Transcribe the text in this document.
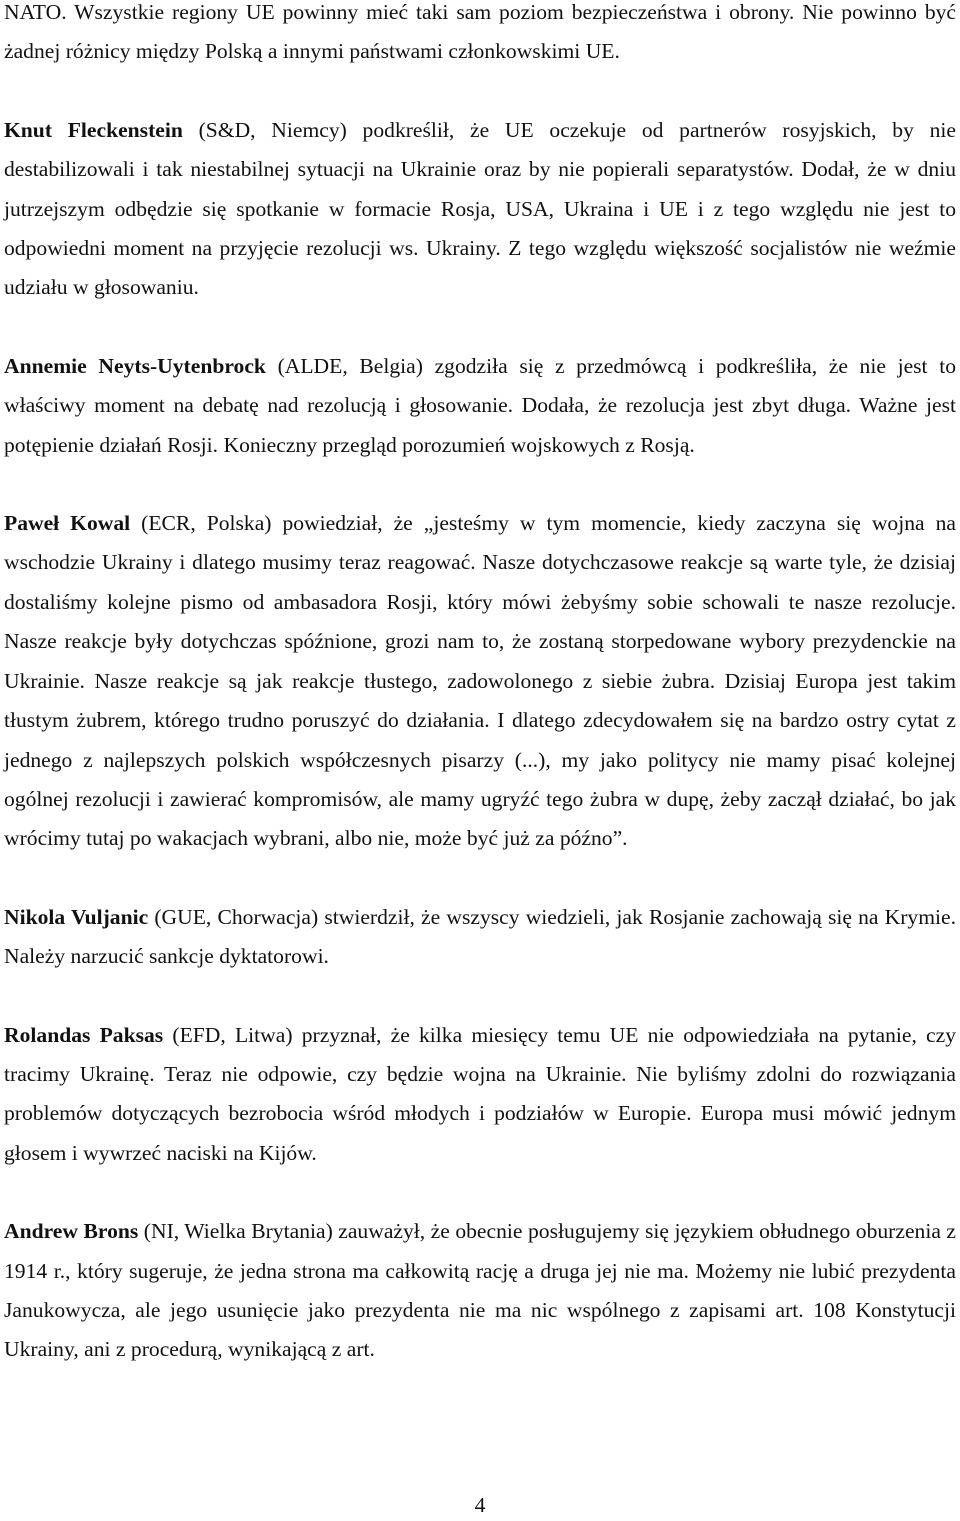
NATO. Wszystkie regiony UE powinny mieć taki sam poziom bezpieczeństwa i obrony. Nie powinno być żadnej różnicy między Polską a innymi państwami członkowskimi UE.

Knut Fleckenstein (S&D, Niemcy) podkreślił, że UE oczekuje od partnerów rosyjskich, by nie destabilizowali i tak niestabilnej sytuacji na Ukrainie oraz by nie popierali separatystów. Dodał, że w dniu jutrzejszym odbędzie się spotkanie w formacie Rosja, USA, Ukraina i UE i z tego względu nie jest to odpowiedni moment na przyjęcie rezolucji ws. Ukrainy. Z tego względu większość socjalistów nie weźmie udziału w głosowaniu.

Annemie Neyts-Uytenbrock (ALDE, Belgia) zgodziła się z przedmówcą i podkreśliła, że nie jest to właściwy moment na debatę nad rezolucją i głosowanie. Dodała, że rezolucja jest zbyt długa. Ważne jest potępienie działań Rosji. Konieczny przegląd porozumień wojskowych z Rosją.

Paweł Kowal (ECR, Polska) powiedział, że „jesteśmy w tym momencie, kiedy zaczyna się wojna na wschodzie Ukrainy i dlatego musimy teraz reagować. Nasze dotychczasowe reakcje są warte tyle, że dzisiaj dostaliśmy kolejne pismo od ambasadora Rosji, który mówi żebyśmy sobie schowali te nasze rezolucje. Nasze reakcje były dotychczas spóźnione, grozi nam to, że zostaną storpedowane wybory prezydenckie na Ukrainie. Nasze reakcje są jak reakcje tłustego, zadowolonego z siebie żubra. Dzisiaj Europa jest takim tłustym żubrem, którego trudno poruszyć do działania. I dlatego zdecydowałem się na bardzo ostry cytat z jednego z najlepszych polskich współczesnych pisarzy (...), my jako politycy nie mamy pisać kolejnej ogólnej rezolucji i zawierać kompromisów, ale mamy ugryźć tego żubra w dupę, żeby zaczął działać, bo jak wrócimy tutaj po wakacjach wybrani, albo nie, może być już za późno”.

Nikola Vuljanic (GUE, Chorwacja) stwierdził, że wszyscy wiedzieli, jak Rosjanie zachowają się na Krymie. Należy narzucić sankcje dyktatorowi.

Rolandas Paksas (EFD, Litwa) przyznał, że kilka miesięcy temu UE nie odpowiedziała na pytanie, czy tracimy Ukrainę. Teraz nie odpowie, czy będzie wojna na Ukrainie. Nie byliśmy zdolni do rozwiązania problemów dotyczących bezrobocia wśród młodych i podziałów w Europie. Europa musi mówić jednym głosem i wywrzeć naciski na Kijów.

Andrew Brons (NI, Wielka Brytania) zauważył, że obecnie posługujemy się językiem obłudnego oburzenia z 1914 r., który sugeruje, że jedna strona ma całkowitą rację a druga jej nie ma. Możemy nie lubić prezydenta Janukowycza, ale jego usunięcie jako prezydenta nie ma nic wspólnego z zapisami art. 108 Konstytucji Ukrainy, ani z procedurą, wynikającą z art.

4
